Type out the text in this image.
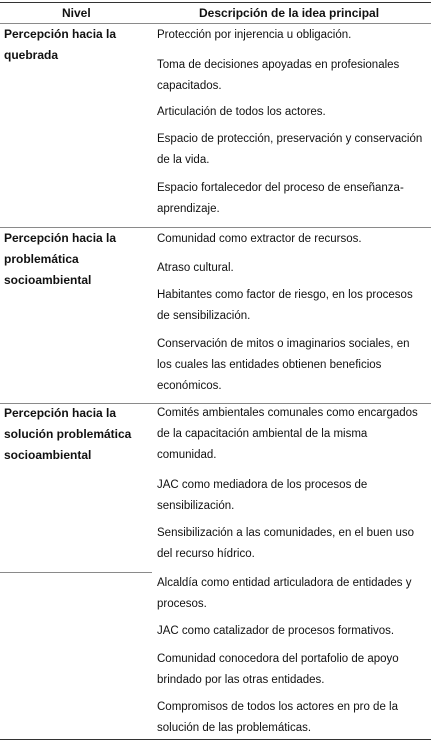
Nivel	Descripción de la idea principal
Percepción hacia la quebrada
Protección por injerencia u obligación.
Toma de decisiones apoyadas en profesionales capacitados.
Articulación de todos los actores.
Espacio de protección, preservación y conservación de la vida.
Espacio fortalecedor del proceso de enseñanza-aprendizaje.
Percepción hacia la problemática socioambiental
Comunidad como extractor de recursos.
Atraso cultural.
Habitantes como factor de riesgo, en los procesos de sensibilización.
Conservación de mitos o imaginarios sociales, en los cuales las entidades obtienen beneficios económicos.
Percepción hacia la solución problemática socioambiental
Comités ambientales comunales como encargados de la capacitación ambiental de la misma comunidad.
JAC como mediadora de los procesos de sensibilización.
Sensibilización a las comunidades, en el buen uso del recurso hídrico.
Alcaldía como entidad articuladora de entidades y procesos.
JAC como catalizador de procesos formativos.
Comunidad conocedora del portafolio de apoyo brindado por las otras entidades.
Compromisos de todos los actores en pro de la solución de las problemáticas.
